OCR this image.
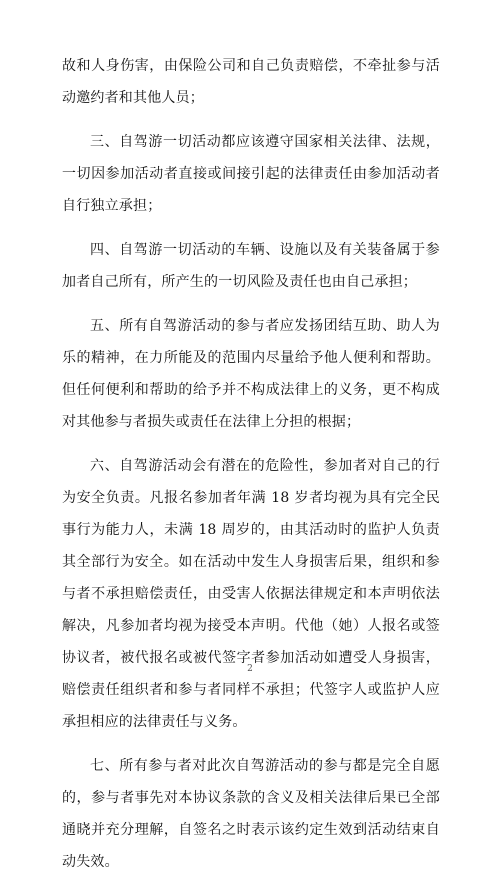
故和人身伤害，由保险公司和自己负责赔偿，不牵扯参与活动邀约者和其他人员；

三、自驾游一切活动都应该遵守国家相关法律、法规，一切因参加活动者直接或间接引起的法律责任由参加活动者自行独立承担；

四、自驾游一切活动的车辆、设施以及有关装备属于参加者自己所有，所产生的一切风险及责任也由自己承担；

五、所有自驾游活动的参与者应发扬团结互助、助人为乐的精神，在力所能及的范围内尽量给予他人便利和帮助。但任何便利和帮助的给予并不构成法律上的义务，更不构成对其他参与者损失或责任在法律上分担的根据；

六、自驾游活动会有潜在的危险性，参加者对自己的行为安全负责。凡报名参加者年满 18 岁者均视为具有完全民事行为能力人，未满 18 周岁的，由其活动时的监护人负责其全部行为安全。如在活动中发生人身损害后果，组织和参与者不承担赔偿责任，由受害人依据法律规定和本声明依法解决，凡参加者均视为接受本声明。代他（她）人报名或签协议者，被代报名或被代签字者参加活动如遭受人身损害，赔偿责任组织者和参与者同样不承担；代签字人或监护人应承担相应的法律责任与义务。

七、所有参与者对此次自驾游活动的参与都是完全自愿的，参与者事先对本协议条款的含义及相关法律后果已全部通晓并充分理解，自签名之时表示该约定生效到活动结束自动失效。

2
